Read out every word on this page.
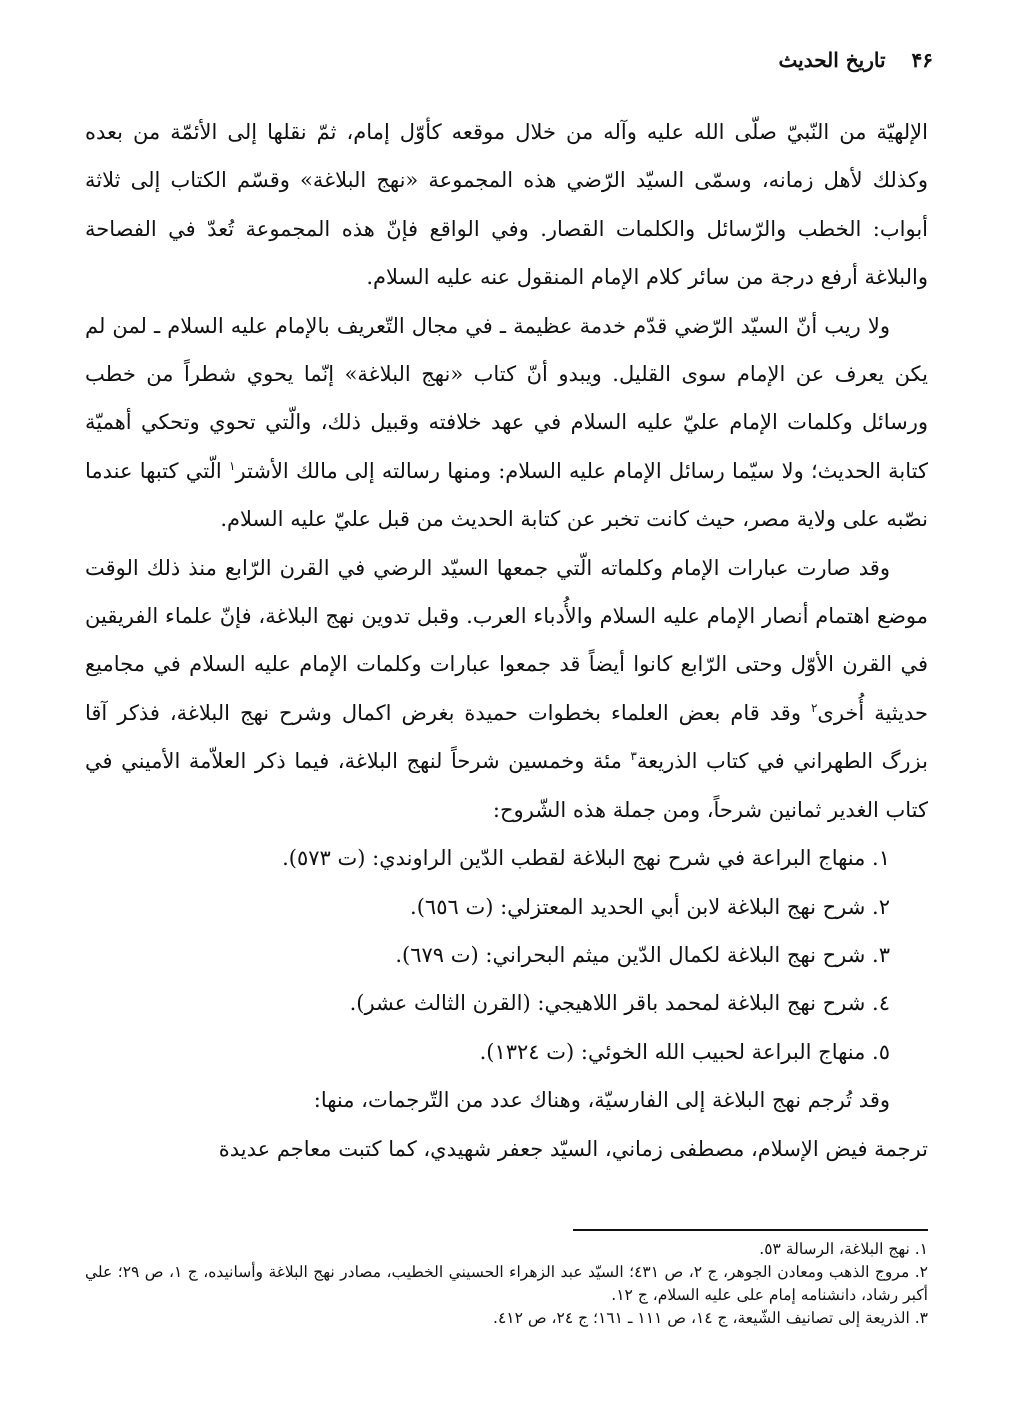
۴۶
تاريخ الحديث

الإلهيّة من النّبيّ صلّى الله عليه وآله من خلال موقعه كأوّل إمام، ثمّ نقلها إلى الأئمّة من بعده وكذلك لأهل زمانه، وسمّى السيّد الرّضي هذه المجموعة «نهج البلاغة» وقسّم الكتاب إلى ثلاثة أبواب: الخطب والرّسائل والكلمات القصار. وفي الواقع فإنّ هذه المجموعة تُعدّ في الفصاحة والبلاغة أرفع درجة من سائر كلام الإمام المنقول عنه عليه السلام.

ولا ريب أنّ السيّد الرّضي قدّم خدمة عظيمة ـ في مجال التّعريف بالإمام عليه السلام ـ لمن لم يكن يعرف عن الإمام سوى القليل. ويبدو أنّ كتاب «نهج البلاغة» إنّما يحوي شطراً من خطب ورسائل وكلمات الإمام عليّ عليه السلام في عهد خلافته وقبيل ذلك، والّتي تحوي وتحكي أهميّة كتابة الحديث؛ ولا سيّما رسائل الإمام عليه السلام: ومنها رسالته إلى مالك الأشتر$^١$ الّتي كتبها عندما نصّبه على ولاية مصر، حيث كانت تخبر عن كتابة الحديث من قبل عليّ عليه السلام.

وقد صارت عبارات الإمام وكلماته الّتي جمعها السيّد الرضي في القرن الرّابع منذ ذلك الوقت موضع اهتمام أنصار الإمام عليه السلام والأُدباء العرب. وقبل تدوين نهج البلاغة، فإنّ علماء الفريقين في القرن الأوّل وحتى الرّابع كانوا أيضاً قد جمعوا عبارات وكلمات الإمام عليه السلام في مجاميع حديثية أُخرى$^٢$ وقد قام بعض العلماء بخطوات حميدة بغرض اكمال وشرح نهج البلاغة، فذكر آقا بزرگ الطهراني في كتاب الذريعة$^٣$ مئة وخمسين شرحاً لنهج البلاغة، فيما ذكر العلاّمة الأميني في كتاب الغدير ثمانين شرحاً، ومن جملة هذه الشّروح:

١. منهاج البراعة في شرح نهج البلاغة لقطب الدّين الراوندي: (ت ٥٧٣).

٢. شرح نهج البلاغة لابن أبي الحديد المعتزلي: (ت ٦٥٦).

٣. شرح نهج البلاغة لكمال الدّين ميثم البحراني: (ت ٦٧٩).

٤. شرح نهج البلاغة لمحمد باقر اللاهيجي: (القرن الثالث عشر).

٥. منهاج البراعة لحبيب الله الخوئي: (ت ١٣٢٤).

وقد تُرجم نهج البلاغة إلى الفارسيّة، وهناك عدد من التّرجمات، منها:

ترجمة فيض الإسلام، مصطفى زماني، السيّد جعفر شهيدي، كما كتبت معاجم عديدة

١. نهج البلاغة، الرسالة ٥٣.

٢. مروج الذهب ومعادن الجوهر، ج ٢، ص ٤٣١؛ السيّد عبد الزهراء الحسيني الخطيب، مصادر نهج البلاغة وأسانيده، ج ١، ص ٢٩؛ علي أكبر رشاد، دانشنامه إمام على عليه السلام، ج ١٢.

٣. الذريعة إلى تصانيف الشّيعة، ج ١٤، ص ١١١ ـ ١٦١؛ ج ٢٤، ص ٤١٢.
